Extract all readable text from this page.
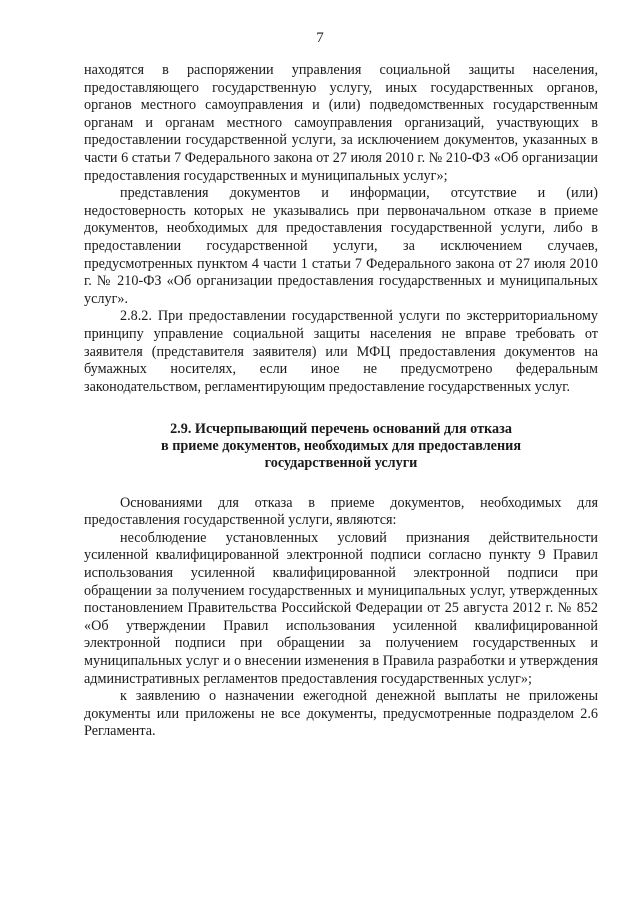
7

находятся в распоряжении управления социальной защиты населения, предоставляющего государственную услугу, иных государственных органов, органов местного самоуправления и (или) подведомственных государственным органам и органам местного самоуправления организаций, участвующих в предоставлении государственной услуги, за исключением документов, указанных в части 6 статьи 7 Федерального закона от 27 июля 2010 г. № 210-ФЗ «Об организации предоставления государственных и муниципальных услуг»;

представления документов и информации, отсутствие и (или) недостоверность которых не указывались при первоначальном отказе в приеме документов, необходимых для предоставления государственной услуги, либо в предоставлении государственной услуги, за исключением случаев, предусмотренных пунктом 4 части 1 статьи 7 Федерального закона от 27 июля 2010 г. № 210-ФЗ «Об организации предоставления государственных и муниципальных услуг».

2.8.2. При предоставлении государственной услуги по экстерриториальному принципу управление социальной защиты населения не вправе требовать от заявителя (представителя заявителя) или МФЦ предоставления документов на бумажных носителях, если иное не предусмотрено федеральным законодательством, регламентирующим предоставление государственных услуг.

2.9. Исчерпывающий перечень оснований для отказа
в приеме документов, необходимых для предоставления
государственной услуги

Основаниями для отказа в приеме документов, необходимых для предоставления государственной услуги, являются:

несоблюдение установленных условий признания действительности усиленной квалифицированной электронной подписи согласно пункту 9 Правил использования усиленной квалифицированной электронной подписи при обращении за получением государственных и муниципальных услуг, утвержденных постановлением Правительства Российской Федерации от 25 августа 2012 г. № 852 «Об утверждении Правил использования усиленной квалифицированной электронной подписи при обращении за получением государственных и муниципальных услуг и о внесении изменения в Правила разработки и утверждения административных регламентов предоставления государственных услуг»;

к заявлению о назначении ежегодной денежной выплаты не приложены документы или приложены не все документы, предусмотренные подразделом 2.6 Регламента.
